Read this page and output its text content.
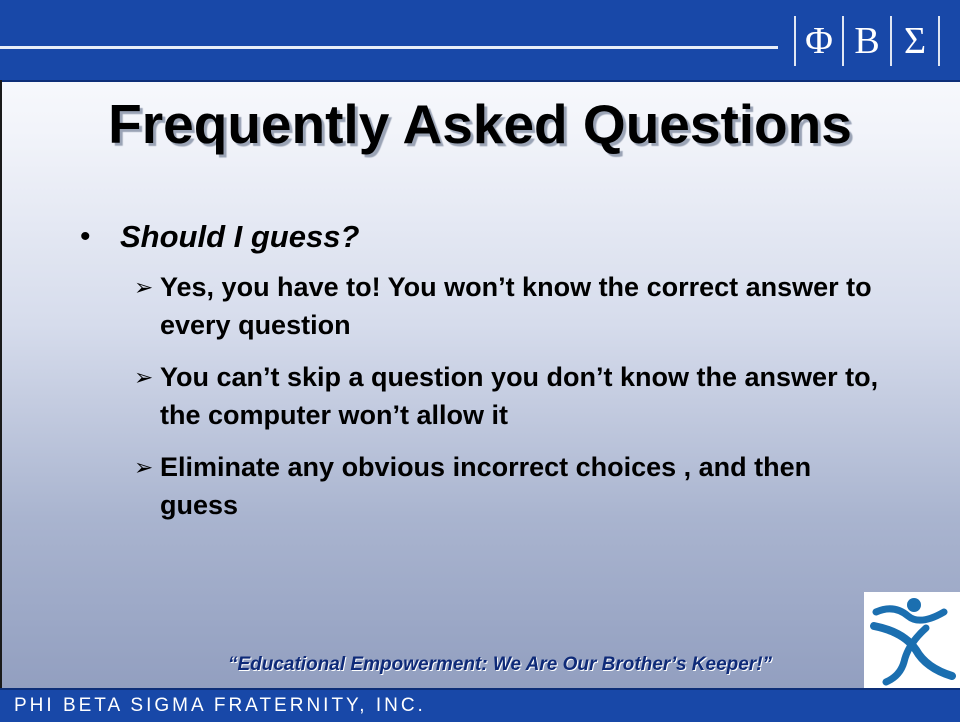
Φ Β Σ
Frequently Asked Questions
• Should I guess?
➢ Yes, you have to! You won’t know the correct answer to every question
➢ You can’t skip a question you don’t know the answer to, the computer won’t allow it
➢ Eliminate any obvious incorrect choices , and then guess
“Educational Empowerment: We Are Our Brother’s Keeper!”
PHI BETA SIGMA FRATERNITY, INC.
